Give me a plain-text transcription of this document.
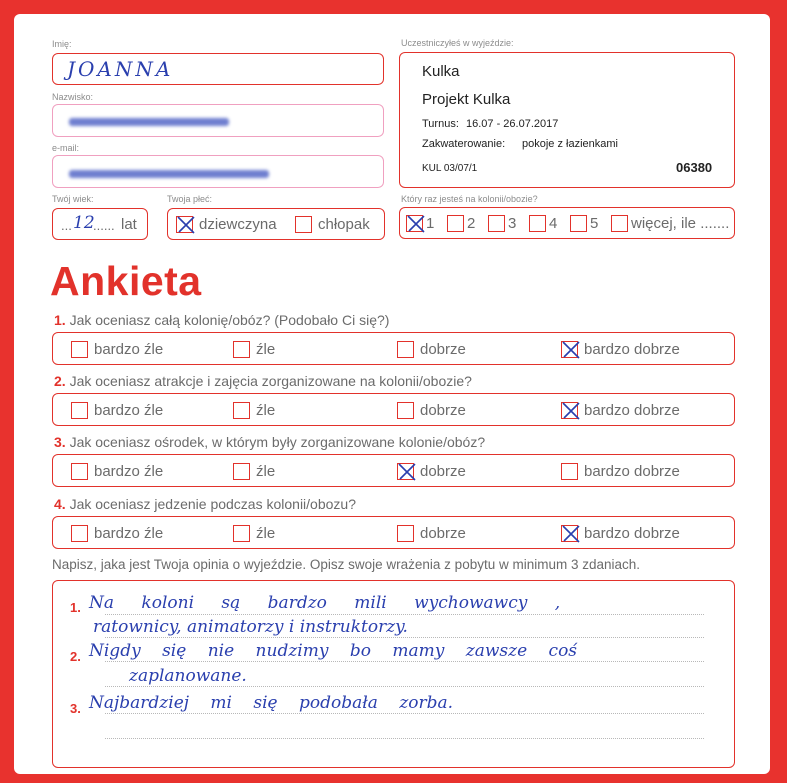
Imię:
JOANNA
Nazwisko:
e-mail:
Twój wiek:
... 12
...... lat
Twoja płeć:
dziewczyna	chłopak
Uczestniczyłeś w wyjeździe:
Kulka
Projekt Kulka
Turnus: 16.07 - 26.07.2017
Zakwaterowanie: pokoje z łazienkami
KUL 03/07/1	06380
Który raz jesteś na kolonii/obozie?
1	2	3	4	5	więcej, ile .......
Ankieta
1. Jak oceniasz całą kolonię/obóz? (Podobało Ci się?)
bardzo źle	źle	dobrze	bardzo dobrze
2. Jak oceniasz atrakcje i zajęcia zorganizowane na kolonii/obozie?
bardzo źle	źle	dobrze	bardzo dobrze
3. Jak oceniasz ośrodek, w którym były zorganizowane kolonie/obóz?
bardzo źle	źle	dobrze	bardzo dobrze
4. Jak oceniasz jedzenie podczas kolonii/obozu?
bardzo źle	źle	dobrze	bardzo dobrze
Napisz, jaka jest Twoja opinia o wyjeździe. Opisz swoje wrażenia z pobytu w minimum 3 zdaniach.
1.
2.
3.
Na koloni są bardzo mili wychowawcy ,
ratownicy, animatorzy i instruktorzy.
Nigdy się nie nudzimy bo mamy zawsze coś
zaplanowane.
Najbardziej mi się podobała zorba.
